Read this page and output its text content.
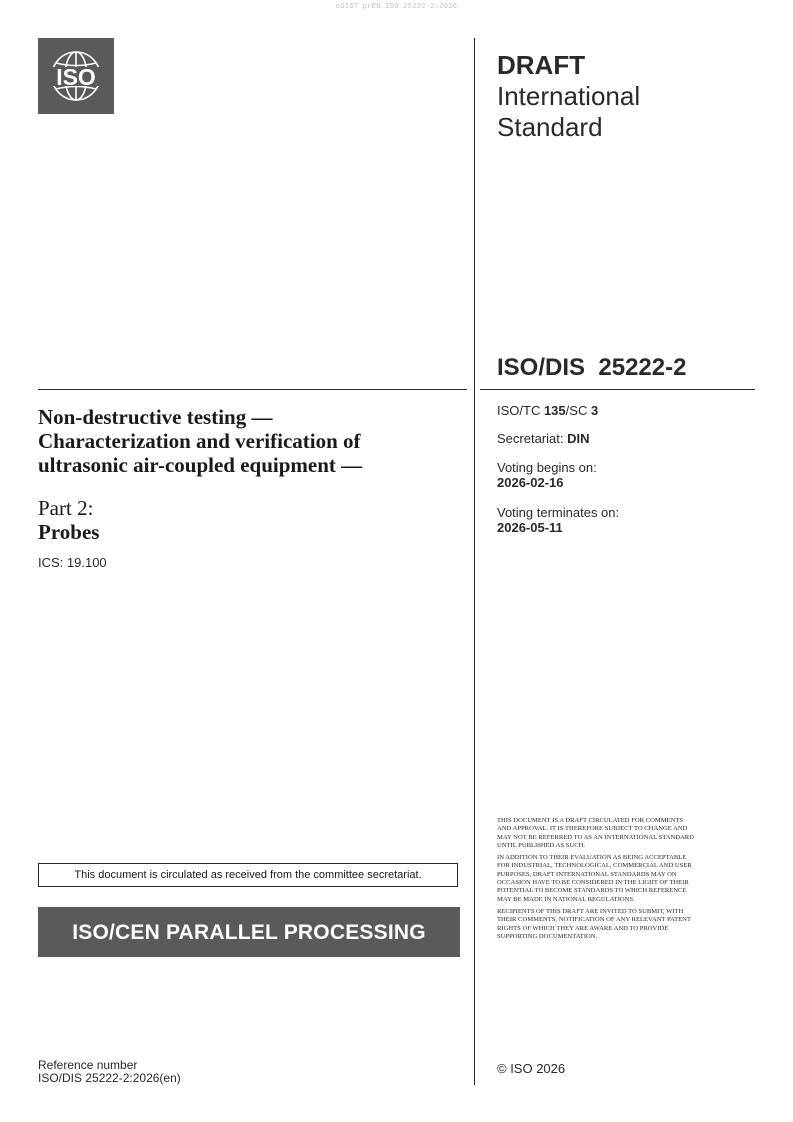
oSIST prEN ISO 25222-2:2026
ISO	DRAFT
International
Standard
ISO/DIS 25222-2
Non-destructive testing —
Characterization and verification of
ultrasonic air-coupled equipment —
Part 2:
Probes
ICS: 19.100
ISO/TC 135/SC 3
Secretariat: DIN
Voting begins on:
2026-02-16
Voting terminates on:
2026-05-11

THIS DOCUMENT IS A DRAFT CIRCULATED FOR COMMENTS AND APPROVAL. IT IS THEREFORE SUBJECT TO CHANGE AND MAY NOT BE REFERRED TO AS AN INTERNATIONAL STANDARD UNTIL PUBLISHED AS SUCH.

IN ADDITION TO THEIR EVALUATION AS BEING ACCEPTABLE FOR INDUSTRIAL, TECHNOLOGICAL, COMMERCIAL AND USER PURPOSES, DRAFT INTERNATIONAL STANDARDS MAY ON OCCASION HAVE TO BE CONSIDERED IN THE LIGHT OF THEIR POTENTIAL TO BECOME STANDARDS TO WHICH REFERENCE MAY BE MADE IN NATIONAL REGULATIONS.

RECIPIENTS OF THIS DRAFT ARE INVITED TO SUBMIT, WITH THEIR COMMENTS, NOTIFICATION OF ANY RELEVANT PATENT RIGHTS OF WHICH THEY ARE AWARE AND TO PROVIDE SUPPORTING DOCUMENTATION.

This document is circulated as received from the committee secretariat.
ISO/CEN PARALLEL PROCESSING
Reference number
ISO/DIS 25222-2:2026(en)
© ISO 2026
